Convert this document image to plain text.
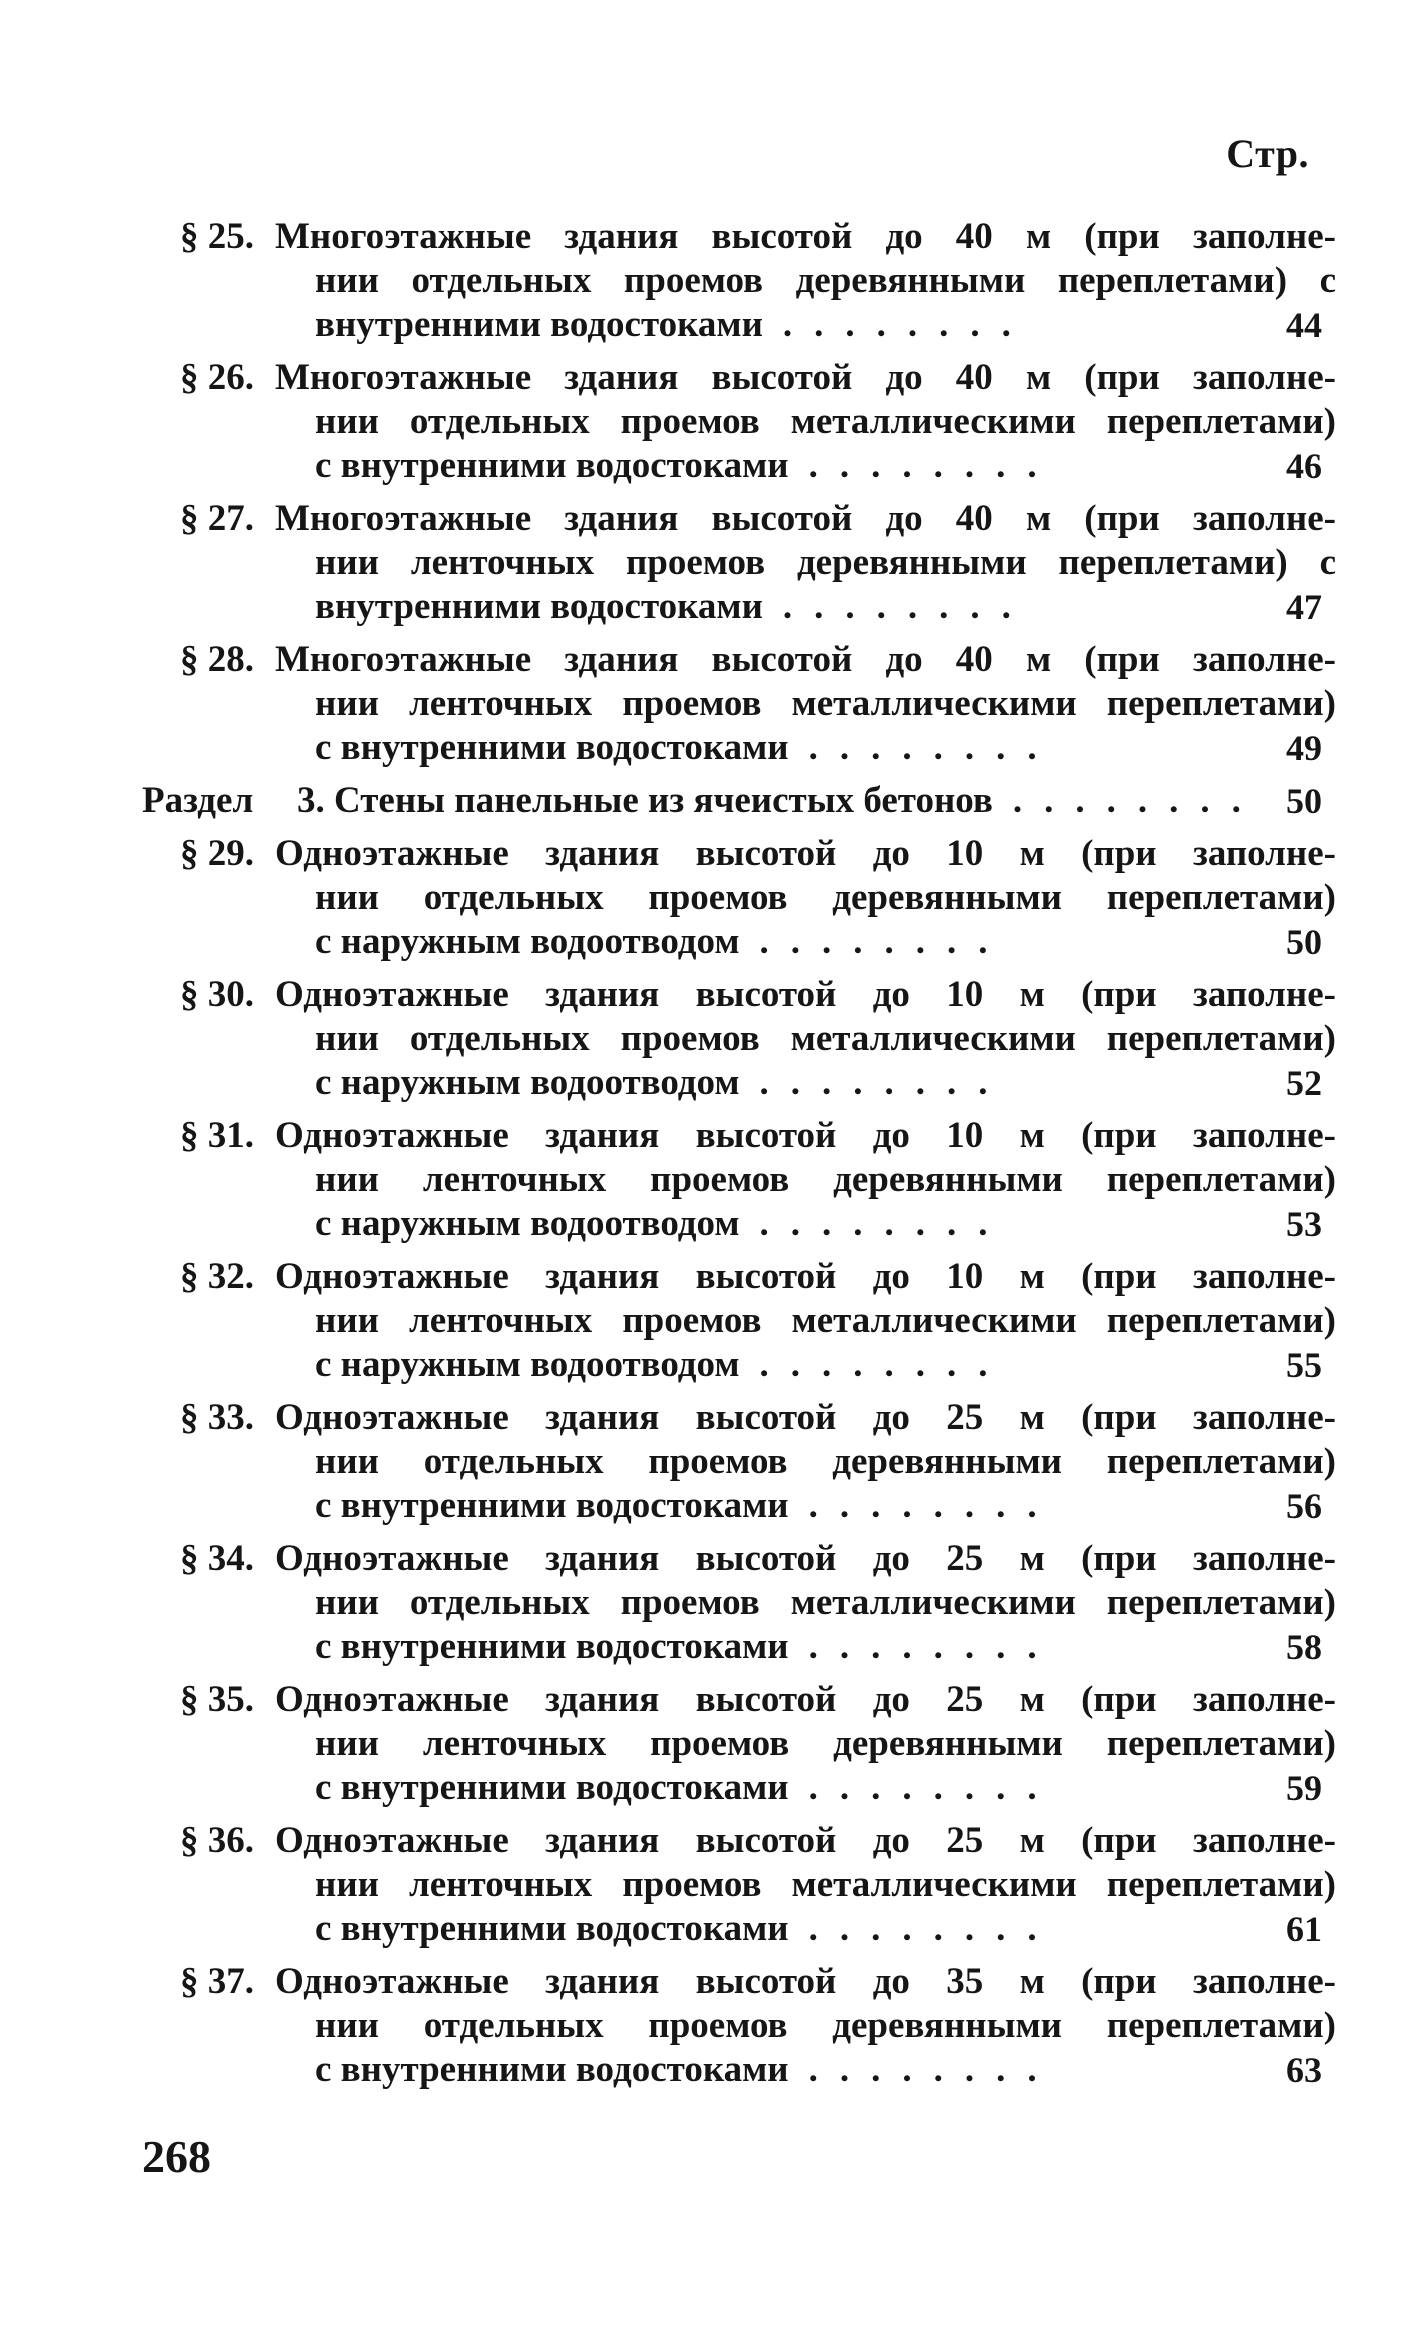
Стр.
§ 25. Многоэтажные здания высотой до 40 м (при заполне-
нии отдельных проемов деревянными переплетами) с
внутренними водостоками ........	44
§ 26. Многоэтажные здания высотой до 40 м (при заполне-
нии отдельных проемов металлическими переплетами)
с внутренними водостоками ........	46
§ 27. Многоэтажные здания высотой до 40 м (при заполне-
нии ленточных проемов деревянными переплетами) с
внутренними водостоками ........	47
§ 28. Многоэтажные здания высотой до 40 м (при заполне-
нии ленточных проемов металлическими переплетами)
с внутренними водостоками ........	49
Раздел 3. Стены панельные из ячеистых бетонов ........ 50
§ 29. Одноэтажные здания высотой до 10 м (при заполне-
нии отдельных проемов деревянными переплетами)
с наружным водоотводом ........	50
§ 30. Одноэтажные здания высотой до 10 м (при заполне-
нии отдельных проемов металлическими переплетами)
с наружным водоотводом ........	52
§ 31. Одноэтажные здания высотой до 10 м (при заполне-
нии ленточных проемов деревянными переплетами)
с наружным водоотводом ........	53
§ 32. Одноэтажные здания высотой до 10 м (при заполне-
нии ленточных проемов металлическими переплетами)
с наружным водоотводом ........	55
§ 33. Одноэтажные здания высотой до 25 м (при заполне-
нии отдельных проемов деревянными переплетами)
с внутренними водостоками ........	56
§ 34. Одноэтажные здания высотой до 25 м (при заполне-
нии отдельных проемов металлическими переплетами)
с внутренними водостоками ........	58
§ 35. Одноэтажные здания высотой до 25 м (при заполне-
нии ленточных проемов деревянными переплетами)
с внутренними водостоками ........	59
§ 36. Одноэтажные здания высотой до 25 м (при заполне-
нии ленточных проемов металлическими переплетами)
с внутренними водостоками ........	61
§ 37. Одноэтажные здания высотой до 35 м (при заполне-
нии отдельных проемов деревянными переплетами)
с внутренними водостоками ........	63
268
